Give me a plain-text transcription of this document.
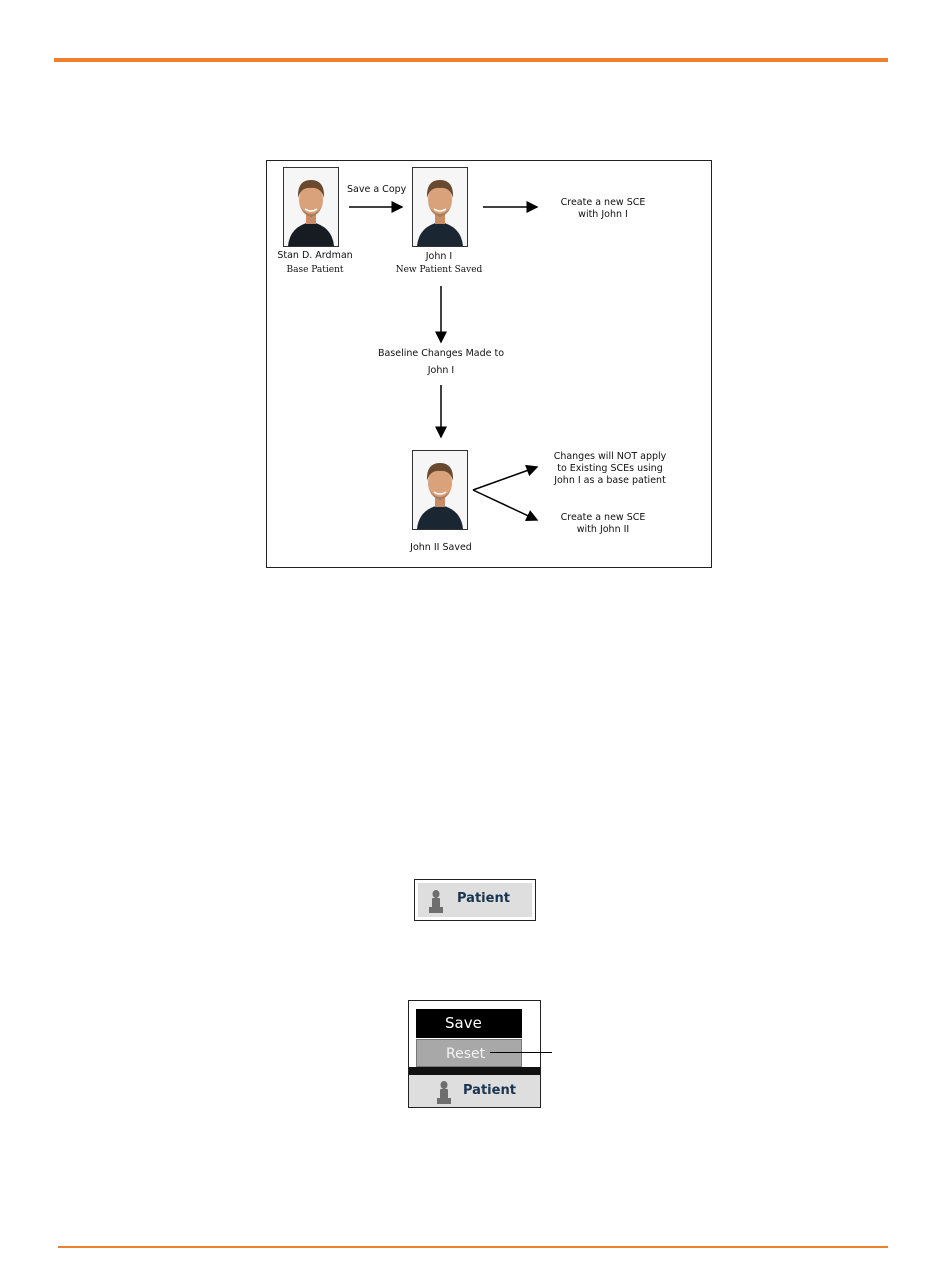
Save a Copy
Stan D. Ardman
Base Patient
John I
New Patient Saved
Create a new SCE
with John I
Baseline Changes Made to
John I
John II Saved
Changes will NOT apply
to Existing SCEs using
John I as a base patient
Create a new SCE
with John II
Patient
Save
Reset
Patient
